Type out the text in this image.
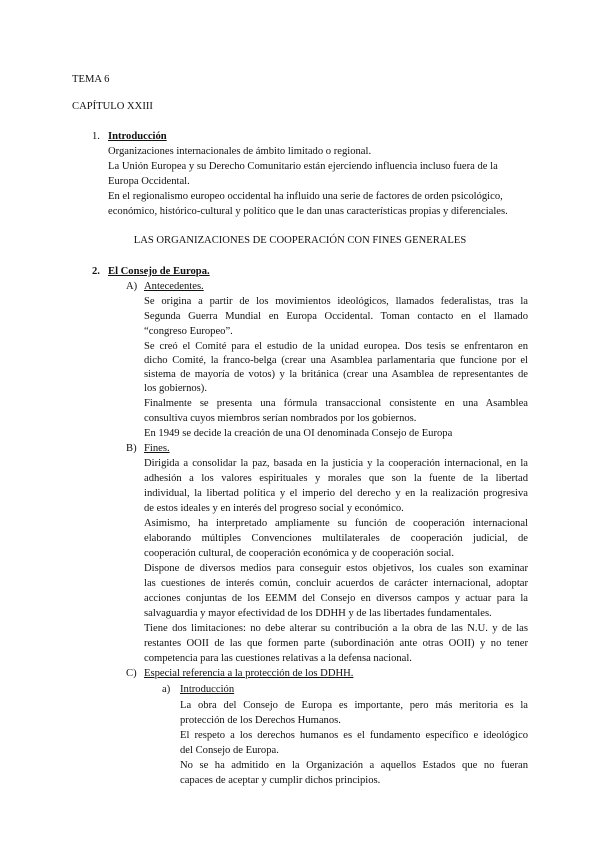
TEMA 6
CAPÍTULO XXIII
1. Introducción
Organizaciones internacionales de ámbito limitado o regional.
La Unión Europea y su Derecho Comunitario están ejerciendo influencia incluso fuera de la
Europa Occidental.
En el regionalismo europeo occidental ha influido una serie de factores de orden psicológico,
económico, histórico-cultural y político que le dan unas características propias y diferenciales.
LAS ORGANIZACIONES DE COOPERACIÓN CON FINES GENERALES
2. El Consejo de Europa.
A) Antecedentes.
Se origina a partir de los movimientos ideológicos, llamados federalistas, tras la
Segunda Guerra Mundial en Europa Occidental. Toman contacto en el llamado
“congreso Europeo”.
Se creó el Comité para el estudio de la unidad europea. Dos tesis se enfrentaron en
dicho Comité, la franco-belga (crear una Asamblea parlamentaria que funcione por el
sistema de mayoría de votos) y la británica (crear una Asamblea de representantes de
los gobiernos).
Finalmente se presenta una fórmula transaccional consistente en una Asamblea
consultiva cuyos miembros serían nombrados por los gobiernos.
En 1949 se decide la creación de una OI denominada Consejo de Europa
B) Fines.
Dirigida a consolidar la paz, basada en la justicia y la cooperación internacional, en la
adhesión a los valores espirituales y morales que son la fuente de la libertad
individual, la libertad política y el imperio del derecho y en la realización progresiva
de estos ideales y en interés del progreso social y económico.
Asimismo, ha interpretado ampliamente su función de cooperación internacional
elaborando múltiples Convenciones multilaterales de cooperación judicial, de
cooperación cultural, de cooperación económica y de cooperación social.
Dispone de diversos medios para conseguir estos objetivos, los cuales son examinar
las cuestiones de interés común, concluir acuerdos de carácter internacional, adoptar
acciones conjuntas de los EEMM del Consejo en diversos campos y actuar para la
salvaguardia y mayor efectividad de los DDHH y de las libertades fundamentales.
Tiene dos limitaciones: no debe alterar su contribución a la obra de las N.U. y de las
restantes OOII de las que formen parte (subordinación ante otras OOII) y no tener
competencia para las cuestiones relativas a la defensa nacional.
C) Especial referencia a la protección de los DDHH.
a) Introducción
La obra del Consejo de Europa es importante, pero más meritoria es la
protección de los Derechos Humanos.
El respeto a los derechos humanos es el fundamento específico e ideológico
del Consejo de Europa.
No se ha admitido en la Organización a aquellos Estados que no fueran
capaces de aceptar y cumplir dichos principios.
